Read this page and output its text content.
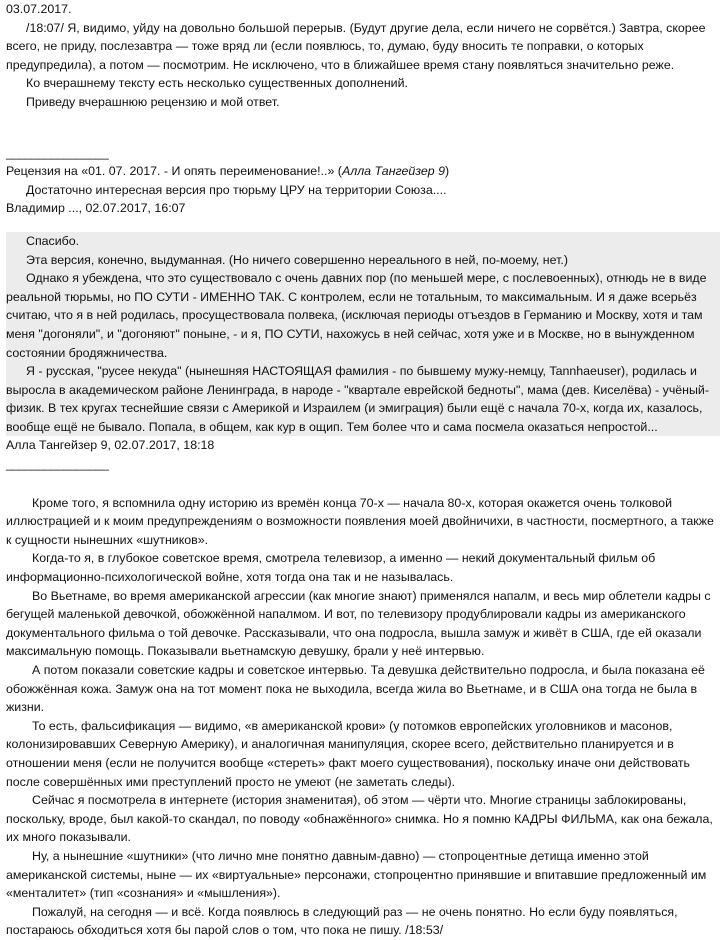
03.07.2017.

/18:07/ Я, видимо, уйду на довольно большой перерыв. (Будут другие дела, если ничего не сорвётся.) Завтра, скорее всего, не приду, послезавтра — тоже вряд ли (если появлюсь, то, думаю, буду вносить те поправки, о которых предупредила), а потом — посмотрим. Не исключено, что в ближайшее время стану появляться значительно реже.

Ко вчерашнему тексту есть несколько существенных дополнений.

Приведу вчерашнюю рецензию и мой ответ.

________________
Рецензия на «01. 07. 2017. - И опять переименование!..» (Алла Тангейзер 9)

Достаточно интересная версия про тюрьму ЦРУ на территории Союза....

Владимир ..., 02.07.2017, 16:07

Спасибо.

Эта версия, конечно, выдуманная. (Но ничего совершенно нереального в ней, по-моему, нет.)

Однако я убеждена, что это существовало с очень давних пор (по меньшей мере, с послевоенных), отнюдь не в виде реальной тюрьмы, но ПО СУТИ - ИМЕННО ТАК. С контролем, если не тотальным, то максимальным. И я даже всерьёз считаю, что я в ней родилась, просуществовала полвека, (исключая периоды отъездов в Германию и Москву, хотя и там меня "догоняли", и "догоняют" поныне, - и я, ПО СУТИ, нахожусь в ней сейчас, хотя уже и в Москве, но в вынужденном состоянии бродяжничества.

Я - русская, "русее некуда" (нынешняя НАСТОЯЩАЯ фамилия - по бывшему мужу-немцу, Tannhaeuser), родилась и выросла в академическом районе Ленинграда, в народе - "квартале еврейской бедноты", мама (дев. Киселёва) - учёный-физик. В тех кругах теснейшие связи с Америкой и Израилем (и эмиграция) были ещё с начала 70-х, когда их, казалось, вообще ещё не бывало. Попала, в общем, как кур в ощип. Тем более что и сама посмела оказаться непростой...

Алла Тангейзер 9, 02.07.2017, 18:18
________________

Кроме того, я вспомнила одну историю из времён конца 70-х — начала 80-х, которая окажется очень толковой иллюстрацией и к моим предупреждениям о возможности появления моей двойничихи, в частности, посмертного, а также к сущности нынешних «шутников».

Когда-то я, в глубокое советское время, смотрела телевизор, а именно — некий документальный фильм об информационно-психологической войне, хотя тогда она так и не называлась.

Во Вьетнаме, во время американской агрессии (как многие знают) применялся напалм, и весь мир облетели кадры с бегущей маленькой девочкой, обожжённой напалмом. И вот, по телевизору продублировали кадры из американского документального фильма о той девочке. Рассказывали, что она подросла, вышла замуж и живёт в США, где ей оказали максимальную помощь. Показывали вьетнамскую девушку, брали у неё интервью.

А потом показали советские кадры и советское интервью. Та девушка действительно подросла, и была показана её обожжённая кожа. Замуж она на тот момент пока не выходила, всегда жила во Вьетнаме, и в США она тогда не была в жизни.

То есть, фальсификация — видимо, «в американской крови» (у потомков европейских уголовников и масонов, колонизировавших Северную Америку), и аналогичная манипуляция, скорее всего, действительно планируется и в отношении меня (если не получится вообще «стереть» факт моего существования), поскольку иначе они действовать после совершённых ими преступлений просто не умеют (не заметать следы).

Сейчас я посмотрела в интернете (история знаменитая), об этом — чёрти что. Многие страницы заблокированы, поскольку, вроде, был какой-то скандал, по поводу «обнажённого» снимка. Но я помню КАДРЫ ФИЛЬМА, как она бежала, их много показывали.

Ну, а нынешние «шутники» (что лично мне понятно давным-давно) — стопроцентные детища именно этой американской системы, ныне — их «виртуальные» персонажи, стопроцентно принявшие и впитавшие предложенный им «менталитет» (тип «сознания» и «мышления»).

Пожалуй, на сегодня — и всё. Когда появлюсь в следующий раз — не очень понятно. Но если буду появляться, постараюсь обходиться хотя бы парой слов о том, что пока не пишу. /18:53/
